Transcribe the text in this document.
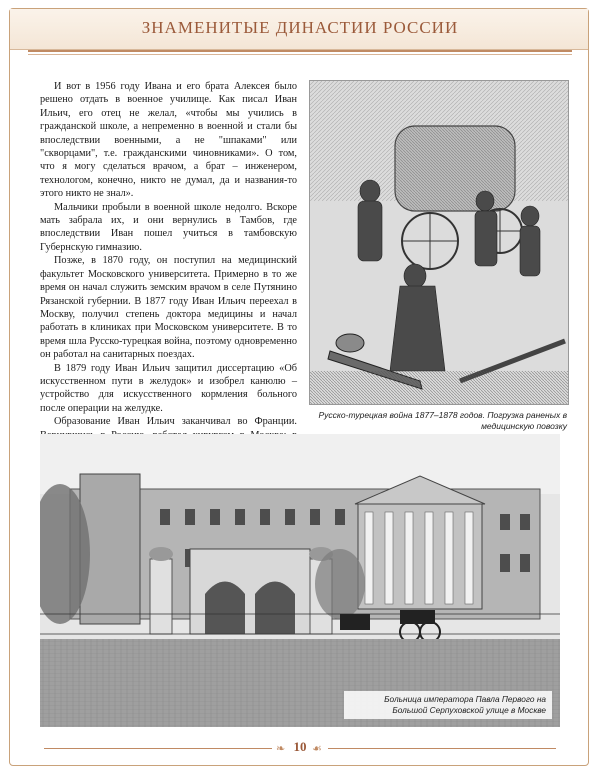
ЗНАМЕНИТЫЕ ДИНАСТИИ РОССИИ

И вот в 1956 году Ивана и его брата Алексея было решено отдать в военное училище. Как писал Иван Ильич, его отец не желал, «чтобы мы учились в гражданской школе, а непременно в военной и стали бы впоследствии военными, а не "шпаками" или "скворцами", т.е. гражданскими чиновниками». О том, что я могу сделаться врачом, а брат – инженером, технологом, конечно, никто не думал, да и названия-то этого никто не знал».

Мальчики пробыли в военной школе недолго. Вскоре мать забрала их, и они вернулись в Тамбов, где впоследствии Иван пошел учиться в тамбовскую Губернскую гимназию.

Позже, в 1870 году, он поступил на медицинский факультет Московского университета. Примерно в то же время он начал служить земским врачом в селе Путянино Рязанской губернии. В 1877 году Иван Ильич переехал в Москву, получил степень доктора медицины и начал работать в клиниках при Московском университете. В то время шла Русско-турецкая война, поэтому одновременно он работал на санитарных поездах.

В 1879 году Иван Ильич защитил диссертацию «Об искусственном пути в желудок» и изобрел канюлю – устройство для искусственного кормления больного после операции на желудке.

Образование Иван Ильич заканчивал во Франции.

Русско-турецкая война 1877–1878 годов. Погрузка раненых в медицинскую повозку
Больница императора Павла Первого на Большой Серпуховской улице в Москве
❧ 10 ☙
